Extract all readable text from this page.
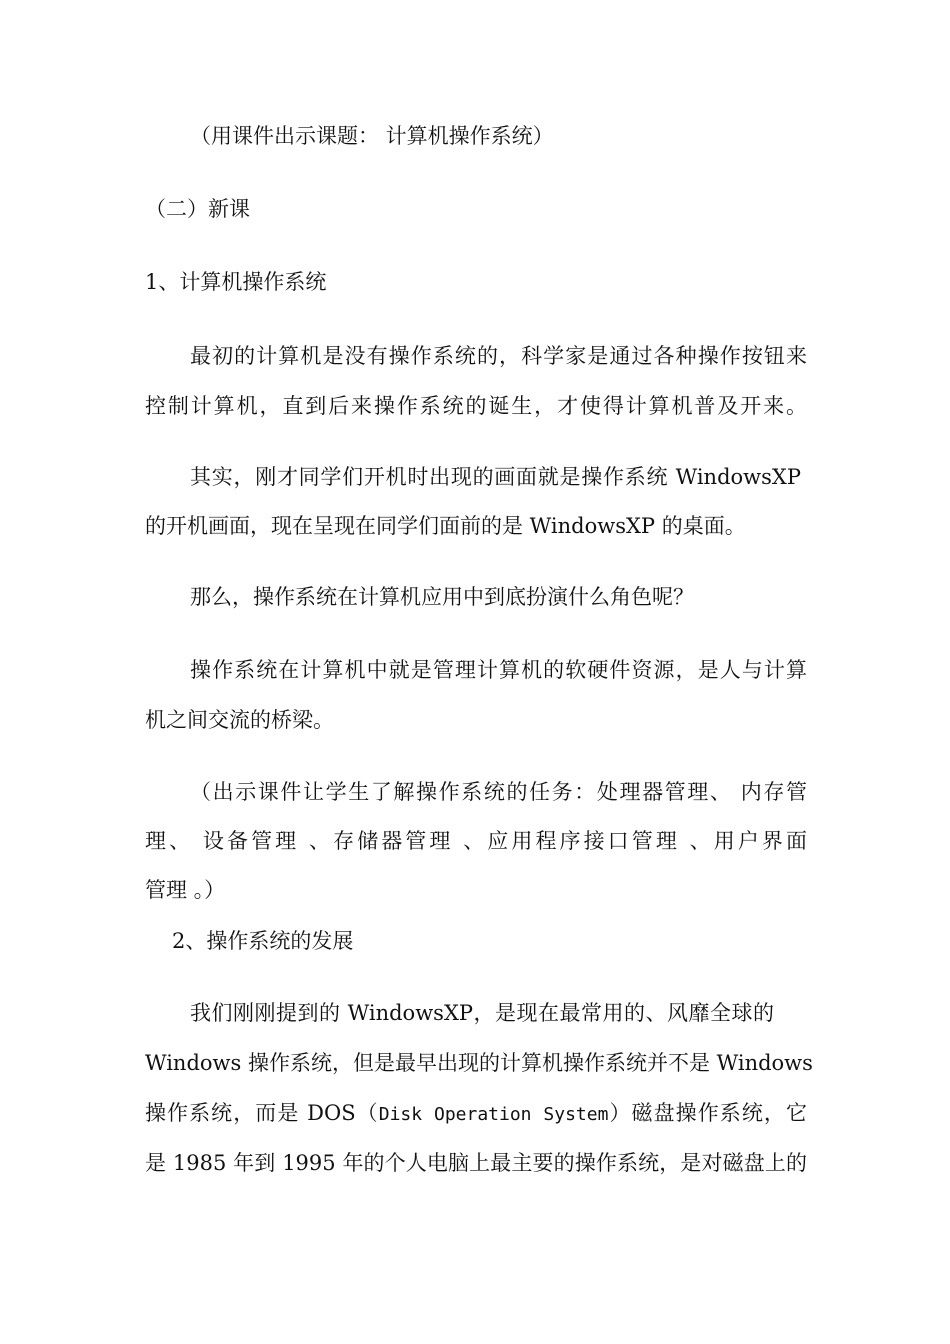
（用课件出示课题： 计算机操作系统）
（二）新课
1、计算机操作系统
最初的计算机是没有操作系统的，科学家是通过各种操作按钮来
控制计算机，直到后来操作系统的诞生，才使得计算机普及开来。
其实，刚才同学们开机时出现的画面就是操作系统 WindowsXP
的开机画面，现在呈现在同学们面前的是 WindowsXP 的桌面。
那么，操作系统在计算机应用中到底扮演什么角色呢？
操作系统在计算机中就是管理计算机的软硬件资源，是人与计算
机之间交流的桥梁。
（出示课件让学生了解操作系统的任务：处理器管理、 内存管
理、 设备管理 、存储器管理 、应用程序接口管理 、用户界面
管理 。）
2、操作系统的发展
我们刚刚提到的 WindowsXP，是现在最常用的、风靡全球的
Windows 操作系统，但是最早出现的计算机操作系统并不是 Windows
操作系统，而是 DOS（Disk Operation System）磁盘操作系统，它
是 1985 年到 1995 年的个人电脑上最主要的操作系统，是对磁盘上的
